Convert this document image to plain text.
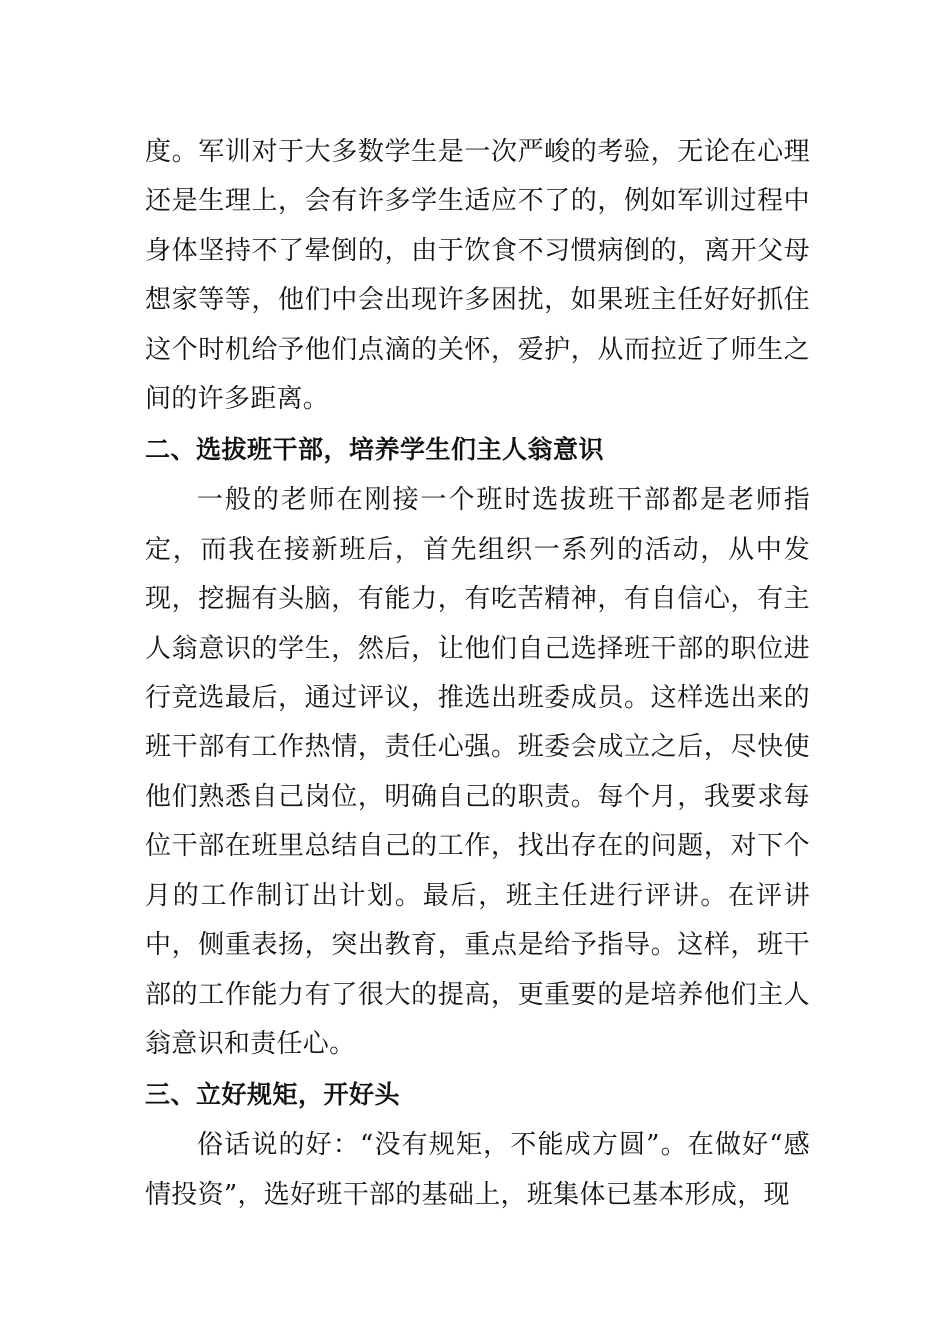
度。军训对于大多数学生是一次严峻的考验，无论在心理还是生理上，会有许多学生适应不了的，例如军训过程中身体坚持不了晕倒的，由于饮食不习惯病倒的，离开父母想家等等，他们中会出现许多困扰，如果班主任好好抓住这个时机给予他们点滴的关怀，爱护，从而拉近了师生之间的许多距离。

二、选拔班干部，培养学生们主人翁意识

一般的老师在刚接一个班时选拔班干部都是老师指定，而我在接新班后，首先组织一系列的活动，从中发现，挖掘有头脑，有能力，有吃苦精神，有自信心，有主人翁意识的学生，然后，让他们自己选择班干部的职位进行竞选最后，通过评议，推选出班委成员。这样选出来的班干部有工作热情，责任心强。班委会成立之后，尽快使他们熟悉自己岗位，明确自己的职责。每个月，我要求每位干部在班里总结自己的工作，找出存在的问题，对下个月的工作制订出计划。最后，班主任进行评讲。在评讲中，侧重表扬，突出教育，重点是给予指导。这样，班干部的工作能力有了很大的提高，更重要的是培养他们主人翁意识和责任心。

三、立好规矩，开好头

俗话说的好：“没有规矩，不能成方圆”。在做好“感情投资”，选好班干部的基础上，班集体已基本形成，现
